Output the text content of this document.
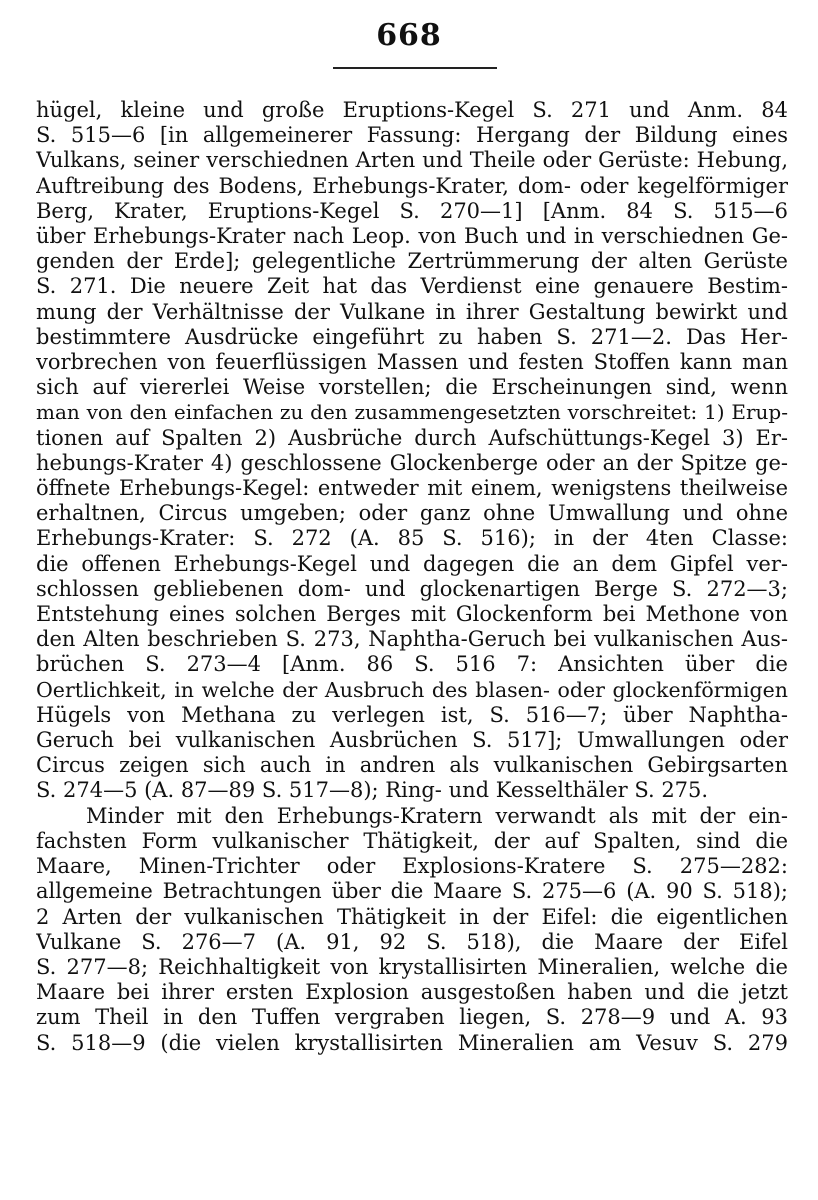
668
hügel, kleine und große Eruptions-Kegel S. 271 und Anm. 84
S. 515—6 [in allgemeinerer Fassung: Hergang der Bildung eines
Vulkans, seiner verschiednen Arten und Theile oder Gerüste: Hebung,
Auftreibung des Bodens, Erhebungs-Krater, dom- oder kegelförmiger
Berg, Krater, Eruptions-Kegel S. 270—1] [Anm. 84 S. 515—6
über Erhebungs-Krater nach Leop. von Buch und in verschiednen Ge-
genden der Erde]; gelegentliche Zertrümmerung der alten Gerüste
S. 271. Die neuere Zeit hat das Verdienst eine genauere Bestim-
mung der Verhältnisse der Vulkane in ihrer Gestaltung bewirkt und
bestimmtere Ausdrücke eingeführt zu haben S. 271—2. Das Her-
vorbrechen von feuerflüssigen Massen und festen Stoffen kann man
sich auf viererlei Weise vorstellen; die Erscheinungen sind, wenn
man von den einfachen zu den zusammengesetzten vorschreitet: 1) Erup-
tionen auf Spalten 2) Ausbrüche durch Aufschüttungs-Kegel 3) Er-
hebungs-Krater 4) geschlossene Glockenberge oder an der Spitze ge-
öffnete Erhebungs-Kegel: entweder mit einem, wenigstens theilweise
erhaltnen, Circus umgeben; oder ganz ohne Umwallung und ohne
Erhebungs-Krater: S. 272 (A. 85 S. 516); in der 4ten Classe:
die offenen Erhebungs-Kegel und dagegen die an dem Gipfel ver-
schlossen gebliebenen dom- und glockenartigen Berge S. 272—3;
Entstehung eines solchen Berges mit Glockenform bei Methone von
den Alten beschrieben S. 273, Naphtha-Geruch bei vulkanischen Aus-
brüchen S. 273—4 [Anm. 86 S. 516 7: Ansichten über die
Oertlichkeit, in welche der Ausbruch des blasen- oder glockenförmigen
Hügels von Methana zu verlegen ist, S. 516—7; über Naphtha-
Geruch bei vulkanischen Ausbrüchen S. 517]; Umwallungen oder
Circus zeigen sich auch in andren als vulkanischen Gebirgsarten
S. 274—5 (A. 87—89 S. 517—8); Ring- und Kesselthäler S. 275.
Minder mit den Erhebungs-Kratern verwandt als mit der ein-
fachsten Form vulkanischer Thätigkeit, der auf Spalten, sind die
Maare, Minen-Trichter oder Explosions-Kratere S. 275—282:
allgemeine Betrachtungen über die Maare S. 275—6 (A. 90 S. 518);
2 Arten der vulkanischen Thätigkeit in der Eifel: die eigentlichen
Vulkane S. 276—7 (A. 91, 92 S. 518), die Maare der Eifel
S. 277—8; Reichhaltigkeit von krystallisirten Mineralien, welche die
Maare bei ihrer ersten Explosion ausgestoßen haben und die jetzt
zum Theil in den Tuffen vergraben liegen, S. 278—9 und A. 93
S. 518—9 (die vielen krystallisirten Mineralien am Vesuv S. 279
